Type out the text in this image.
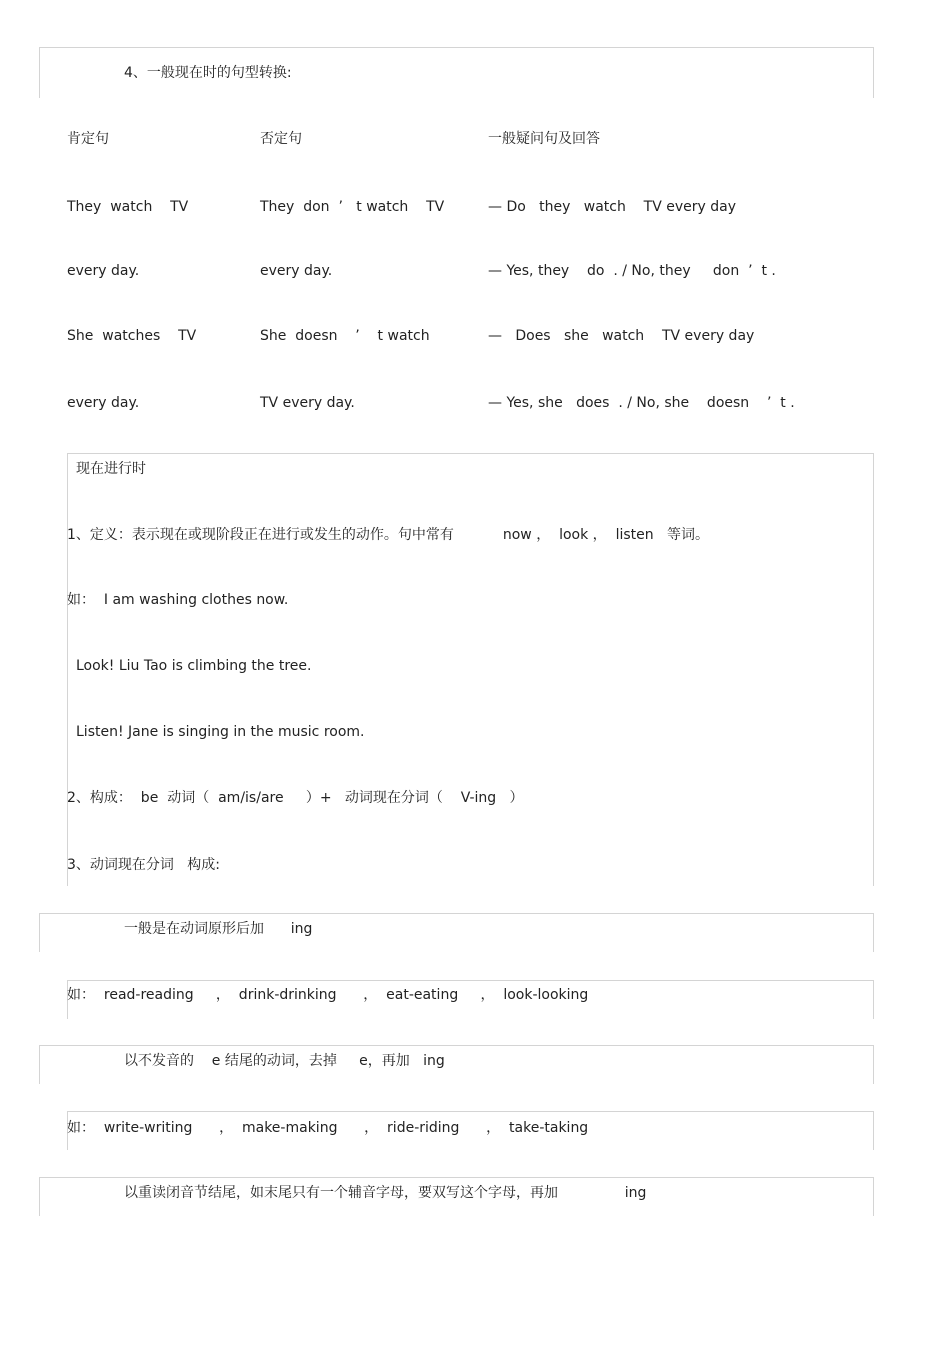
4、一般现在时的句型转换:
肯定句	否定句	一般疑问句及回答
They  watch    TV	They  don  ’   t watch    TV	— Do   they   watch    TV every day
every day.	every day.	— Yes, they    do  . / No, they     don  ’  t .
She  watches    TV	She  doesn    ’    t watch	—   Does   she   watch    TV every day
every day.	TV every day.	— Yes, she   does  . / No, she    doesn    ’  t .
现在进行时
1、定义：表示现在或现阶段正在进行或发生的动作。句中常有           now ，  look ，  listen   等词。
如：  I am washing clothes now.
Look! Liu Tao is climbing the tree.
Listen! Jane is singing in the music room.
2、构成：  be  动词（  am/is/are     ）+   动词现在分词（    V-ing   ）
3、动词现在分词   构成:
一般是在动词原形后加      ing
如：  read-reading     ，  drink-drinking      ，  eat-eating     ，  look-looking
以不发音的    e 结尾的动词，去掉     e，再加   ing
如：  write-writing      ，  make-making      ，  ride-riding      ，  take-taking
以重读闭音节结尾，如末尾只有一个辅音字母，要双写这个字母，再加               ing
